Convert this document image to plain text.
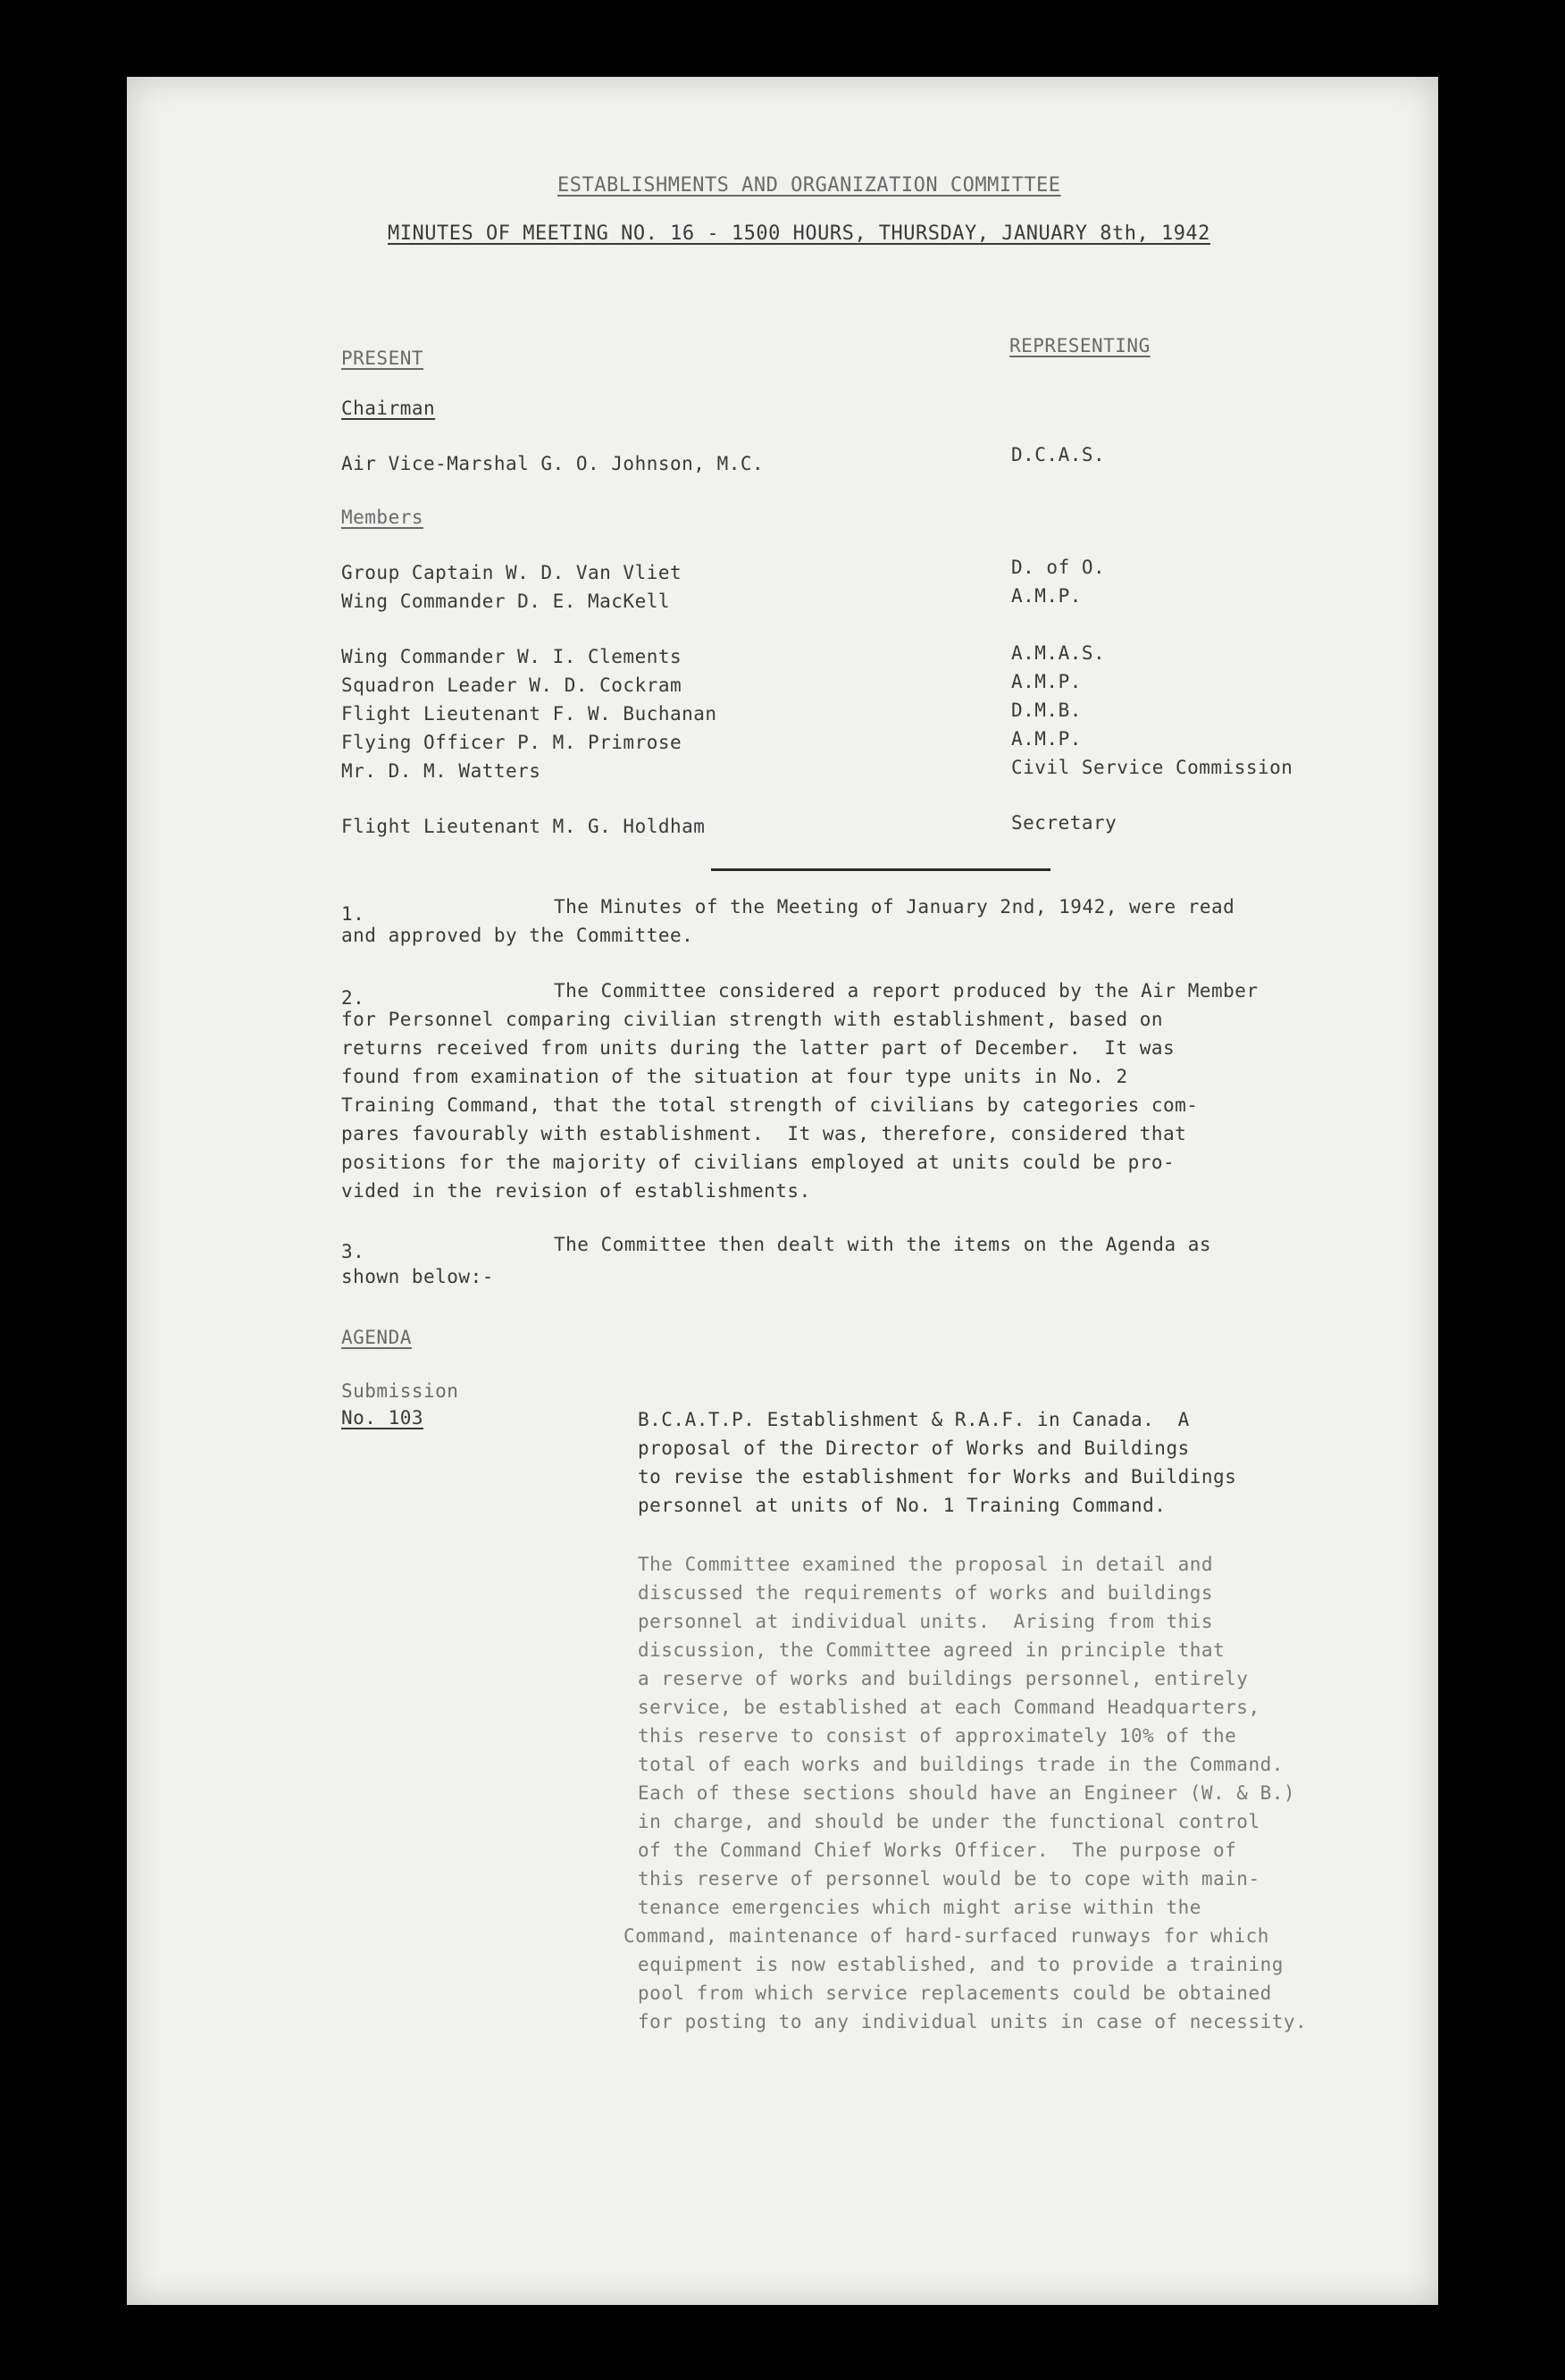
ESTABLISHMENTS AND ORGANIZATION COMMITTEE
MINUTES OF MEETING NO. 16 - 1500 HOURS, THURSDAY, JANUARY 8th, 1942
PRESENT
REPRESENTING
Chairman
Air Vice-Marshal G. O. Johnson, M.C.	D.C.A.S.
Members
Group Captain W. D. Van Vliet	D. of O.
Wing Commander D. E. MacKell	A.M.P.
Wing Commander W. I. Clements	A.M.A.S.
Squadron Leader W. D. Cockram	A.M.P.
Flight Lieutenant F. W. Buchanan	D.M.B.
Flying Officer P. M. Primrose	A.M.P.
Mr. D. M. Watters	Civil Service Commission
Flight Lieutenant M. G. Holdham	Secretary
1.	The Minutes of the Meeting of January 2nd, 1942, were read
and approved by the Committee.
2.	The Committee considered a report produced by the Air Member
for Personnel comparing civilian strength with establishment, based on
returns received from units during the latter part of December.  It was
found from examination of the situation at four type units in No. 2
Training Command, that the total strength of civilians by categories com-
pares favourably with establishment.  It was, therefore, considered that
positions for the majority of civilians employed at units could be pro-
vided in the revision of establishments.
3.	The Committee then dealt with the items on the Agenda as
shown below:-
AGENDA
Submission
No. 103	B.C.A.T.P. Establishment & R.A.F. in Canada.  A
proposal of the Director of Works and Buildings
to revise the establishment for Works and Buildings
personnel at units of No. 1 Training Command.
The Committee examined the proposal in detail and
discussed the requirements of works and buildings
personnel at individual units.  Arising from this
discussion, the Committee agreed in principle that
a reserve of works and buildings personnel, entirely
service, be established at each Command Headquarters,
this reserve to consist of approximately 10% of the
total of each works and buildings trade in the Command.
Each of these sections should have an Engineer (W. & B.)
in charge, and should be under the functional control
of the Command Chief Works Officer.  The purpose of
this reserve of personnel would be to cope with main-
tenance emergencies which might arise within the
Command, maintenance of hard-surfaced runways for which
equipment is now established, and to provide a training
pool from which service replacements could be obtained
for posting to any individual units in case of necessity.
